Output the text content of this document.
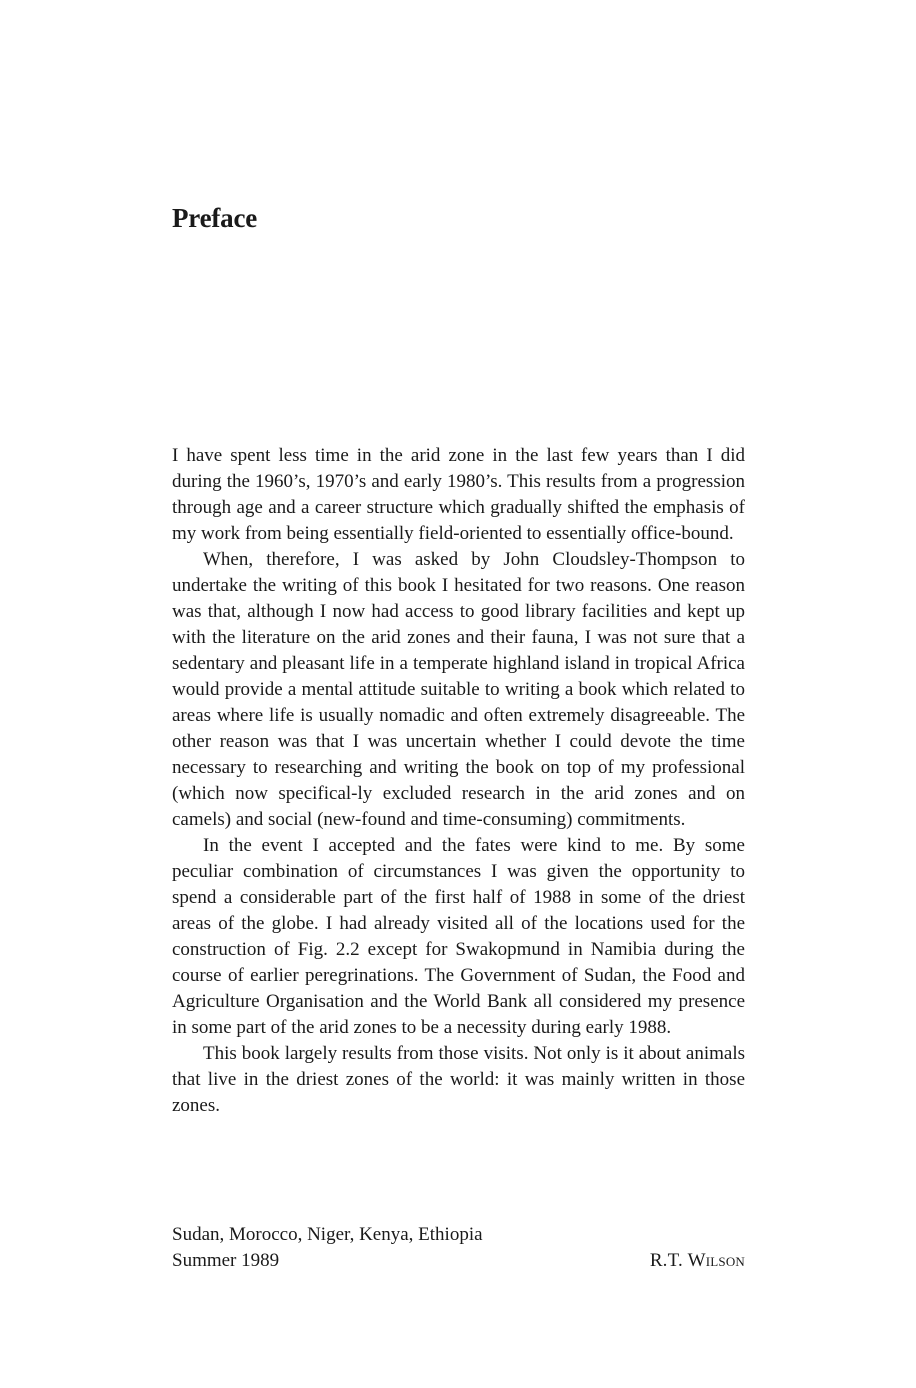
Preface

I have spent less time in the arid zone in the last few years than I did during the 1960’s, 1970’s and early 1980’s. This results from a progression through age and a career structure which gradually shifted the emphasis of my work from being essentially field-oriented to essentially office-bound.

When, therefore, I was asked by John Cloudsley-Thompson to undertake the writing of this book I hesitated for two reasons. One reason was that, although I now had access to good library facilities and kept up with the literature on the arid zones and their fauna, I was not sure that a sedentary and pleasant life in a temperate highland island in tropical Africa would provide a mental attitude suitable to writing a book which related to areas where life is usually nomadic and often extremely disagreeable. The other reason was that I was uncertain whether I could devote the time necessary to researching and writing the book on top of my professional (which now specifical-ly excluded research in the arid zones and on camels) and social (new-found and time-consuming) commitments.

In the event I accepted and the fates were kind to me. By some peculiar combination of circumstances I was given the opportunity to spend a considerable part of the first half of 1988 in some of the driest areas of the globe. I had already visited all of the locations used for the construction of Fig. 2.2 except for Swakopmund in Namibia during the course of earlier peregrinations. The Government of Sudan, the Food and Agriculture Organisation and the World Bank all considered my presence in some part of the arid zones to be a necessity during early 1988.

This book largely results from those visits. Not only is it about animals that live in the driest zones of the world: it was mainly written in those zones.

Sudan, Morocco, Niger, Kenya, Ethiopia
Summer 1989	R.T. Wilson
